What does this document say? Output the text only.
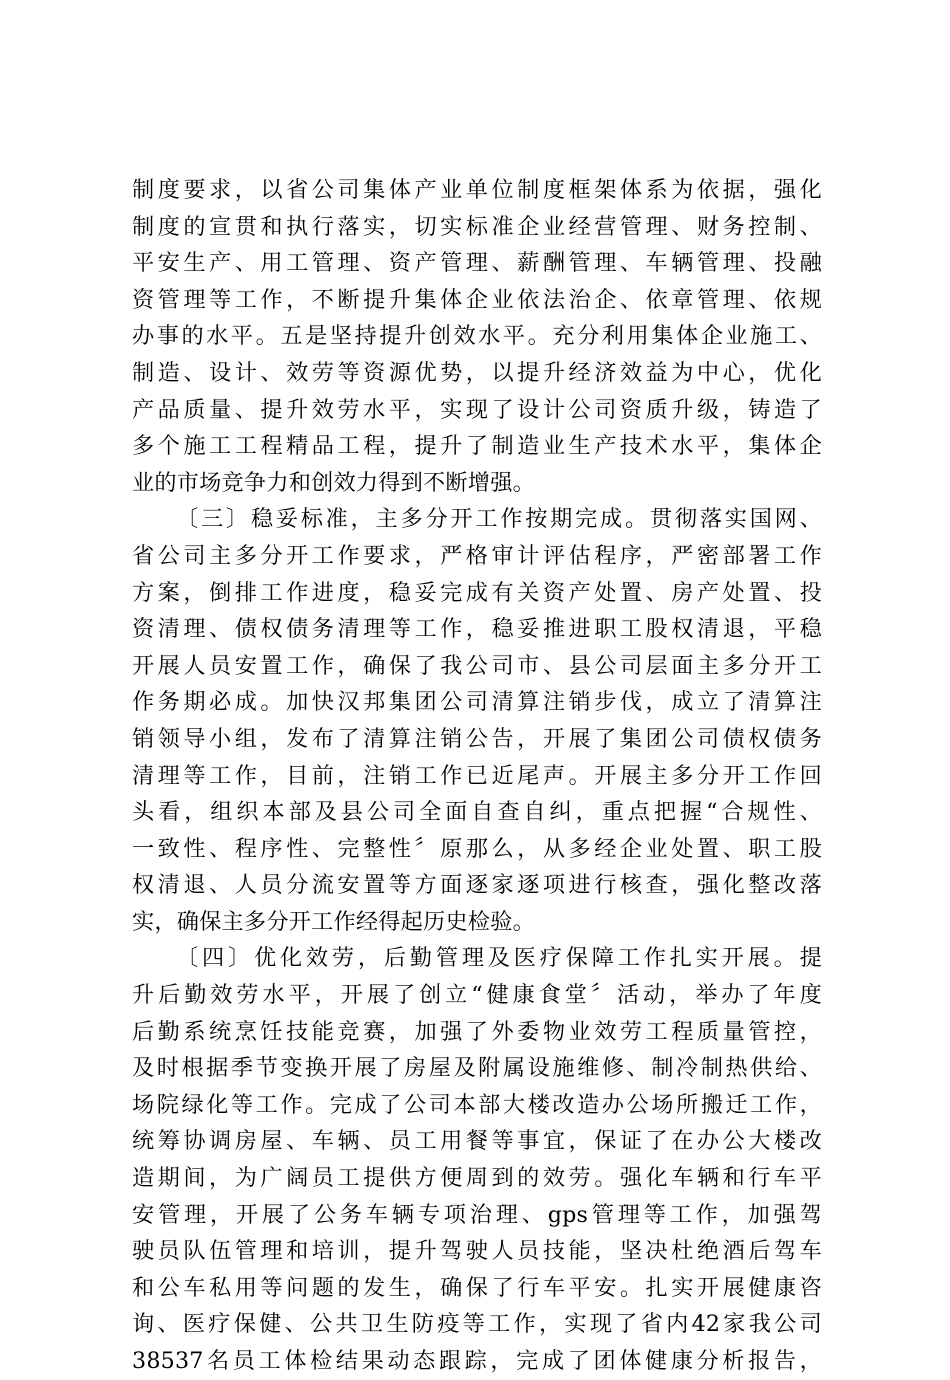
制度要求，以省公司集体产业单位制度框架体系为依据，强化
制度的宣贯和执行落实，切实标准企业经营管理、财务控制、
平安生产、用工管理、资产管理、薪酬管理、车辆管理、投融
资管理等工作，不断提升集体企业依法治企、依章管理、依规
办事的水平。五是坚持提升创效水平。充分利用集体企业施工、
制造、设计、效劳等资源优势，以提升经济效益为中心，优化
产品质量、提升效劳水平，实现了设计公司资质升级，铸造了
多个施工工程精品工程，提升了制造业生产技术水平，集体企
业的市场竞争力和创效力得到不断增强。
〔三〕稳妥标准，主多分开工作按期完成。贯彻落实国网、
省公司主多分开工作要求，严格审计评估程序，严密部署工作
方案，倒排工作进度，稳妥完成有关资产处置、房产处置、投
资清理、债权债务清理等工作，稳妥推进职工股权清退，平稳
开展人员安置工作，确保了我公司市、县公司层面主多分开工
作务期必成。加快汉邦集团公司清算注销步伐，成立了清算注
销领导小组，发布了清算注销公告，开展了集团公司债权债务
清理等工作，目前，注销工作已近尾声。开展主多分开工作回
头看，组织本部及县公司全面自查自纠，重点把握“合规性、
一致性、程序性、完整性〞原那么，从多经企业处置、职工股
权清退、人员分流安置等方面逐家逐项进行核查，强化整改落
实，确保主多分开工作经得起历史检验。
〔四〕优化效劳，后勤管理及医疗保障工作扎实开展。提
升后勤效劳水平，开展了创立“健康食堂〞活动，举办了年度
后勤系统烹饪技能竞赛，加强了外委物业效劳工程质量管控，
及时根据季节变换开展了房屋及附属设施维修、制冷制热供给、
场院绿化等工作。完成了公司本部大楼改造办公场所搬迁工作，
统筹协调房屋、车辆、员工用餐等事宜，保证了在办公大楼改
造期间，为广阔员工提供方便周到的效劳。强化车辆和行车平
安管理，开展了公务车辆专项治理、gps管理等工作，加强驾
驶员队伍管理和培训，提升驾驶人员技能，坚决杜绝酒后驾车
和公车私用等问题的发生，确保了行车平安。扎实开展健康咨
询、医疗保健、公共卫生防疫等工作，实现了省内42家我公司
38537名员工体检结果动态跟踪，完成了团体健康分析报告，
